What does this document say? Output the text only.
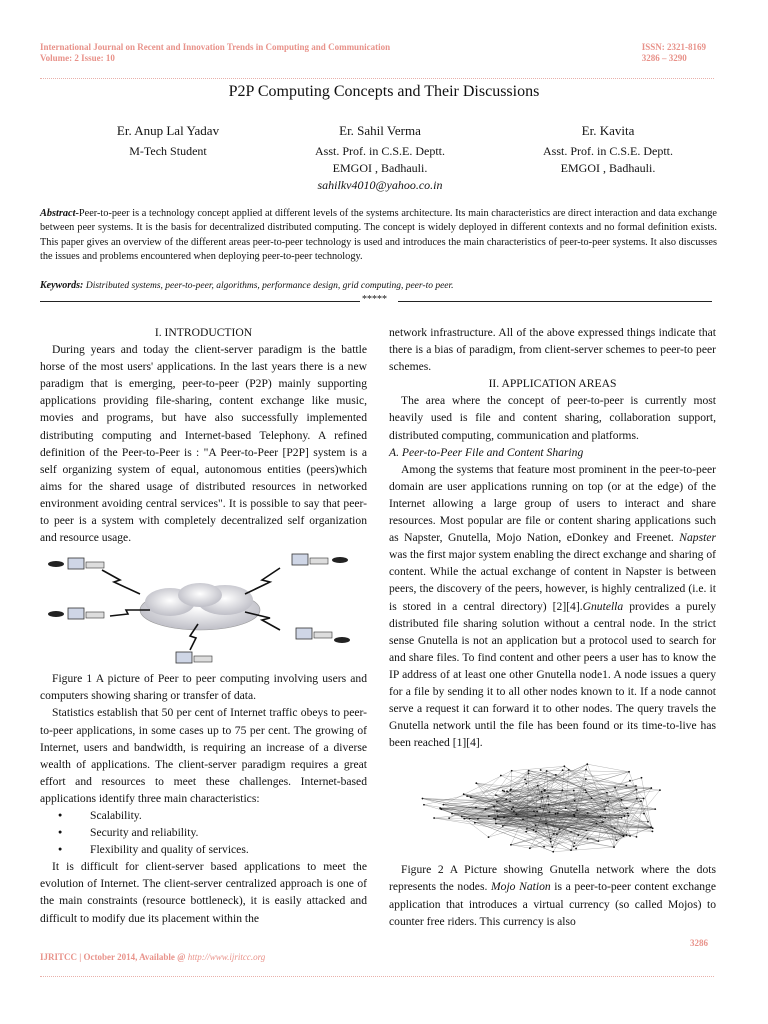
International Journal on Recent and Innovation Trends in Computing and Communication
Volume: 2 Issue: 10
ISSN: 2321-8169
3286 – 3290
P2P Computing Concepts and Their Discussions
Er. Anup Lal Yadav
M-Tech Student
Er. Sahil Verma
Asst. Prof. in C.S.E. Deptt.
EMGOI , Badhauli.
sahilkv4010@yahoo.co.in
Er. Kavita
Asst. Prof. in C.S.E. Deptt.
EMGOI , Badhauli.
Abstract-Peer-to-peer is a technology concept applied at different levels of the systems architecture. Its main characteristics are direct interaction and data exchange between peer systems. It is the basis for decentralized distributed computing. The concept is widely deployed in different contexts and no formal definition exists. This paper gives an overview of the different areas peer-to-peer technology is used and introduces the main characteristics of peer-to-peer systems. It also discusses the issues and problems encountered when deploying peer-to-peer technology.
Keywords: Distributed systems, peer-to-peer, algorithms, performance design, grid computing, peer-to peer.
*****

I. INTRODUCTION

During years and today the client-server paradigm is the battle horse of the most users' applications. In the last years there is a new paradigm that is emerging, peer-to-peer (P2P) mainly supporting applications providing file-sharing, content exchange like music, movies and programs, but have also successfully implemented distributing computing and Internet-based Telephony. A refined definition of the Peer-to-Peer is : "A Peer-to-Peer [P2P] system is a self organizing system of equal, autonomous entities (peers)which aims for the shared usage of distributed resources in networked environment avoiding central services". It is possible to say that peer-to peer is a system with completely decentralized self organization and resource usage.

Figure 1 A picture of Peer to peer computing involving users and computers showing sharing or transfer of data.

Statistics establish that 50 per cent of Internet traffic obeys to peer-to-peer applications, in some cases up to 75 per cent. The growing of Internet, users and bandwidth, is requiring an increase of a diverse wealth of applications. The client-server paradigm requires a great effort and resources to meet these challenges. Internet-based applications identify three main characteristics:

● Scalability.
● Security and reliability.
● Flexibility and quality of services.

It is difficult for client-server based applications to meet the evolution of Internet. The client-server centralized approach is one of the main constraints (resource bottleneck), it is easily attacked and difficult to modify due its placement within the

network infrastructure. All of the above expressed things indicate that there is a bias of paradigm, from client-server schemes to peer-to peer schemes.

II. APPLICATION AREAS

The area where the concept of peer-to-peer is currently most heavily used is file and content sharing, collaboration support, distributed computing, communication and platforms.

A. Peer-to-Peer File and Content Sharing

Among the systems that feature most prominent in the peer-to-peer domain are user applications running on top (or at the edge) of the Internet allowing a large group of users to interact and share resources. Most popular are file or content sharing applications such as Napster, Gnutella, Mojo Nation, eDonkey and Freenet. Napster was the first major system enabling the direct exchange and sharing of content. While the actual exchange of content in Napster is between peers, the discovery of the peers, however, is highly centralized (i.e. it is stored in a central directory) [2][4].Gnutella provides a purely distributed file sharing solution without a central node. In the strict sense Gnutella is not an application but a protocol used to search for and share files. To find content and other peers a user has to know the IP address of at least one other Gnutella node1. A node issues a query for a file by sending it to all other nodes known to it. If a node cannot serve a request it can forward it to other nodes. The query travels the Gnutella network until the file has been found or its time-to-live has been reached [1][4].

Figure 2 A Picture showing Gnutella network where the dots represents the nodes. Mojo Nation is a peer-to-peer content exchange application that introduces a virtual currency (so called Mojos) to counter free riders. This currency is also

3286
IJRITCC | October 2014, Available @ http://www.ijritcc.org
